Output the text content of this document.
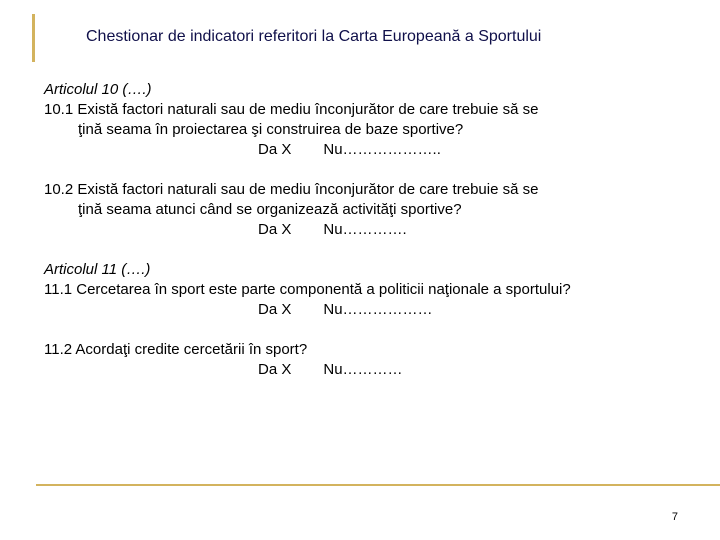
Chestionar de indicatori referitori la Carta Europeană a Sportului
Articolul 10 (….)
10.1 Există factori naturali sau de mediu înconjurător de care trebuie să se
ţină seama în proiectarea şi construirea de baze sportive?
Da X Nu………………..
10.2 Există factori naturali sau de mediu înconjurător de care trebuie să se
ţină seama atunci când se organizează activităţi sportive?
Da X Nu………….
Articolul 11 (….)
11.1 Cercetarea în sport este parte componentă a politicii naţionale a sportului?
Da X Nu………………
11.2 Acordaţi credite cercetării în sport?
Da X Nu…………
7
